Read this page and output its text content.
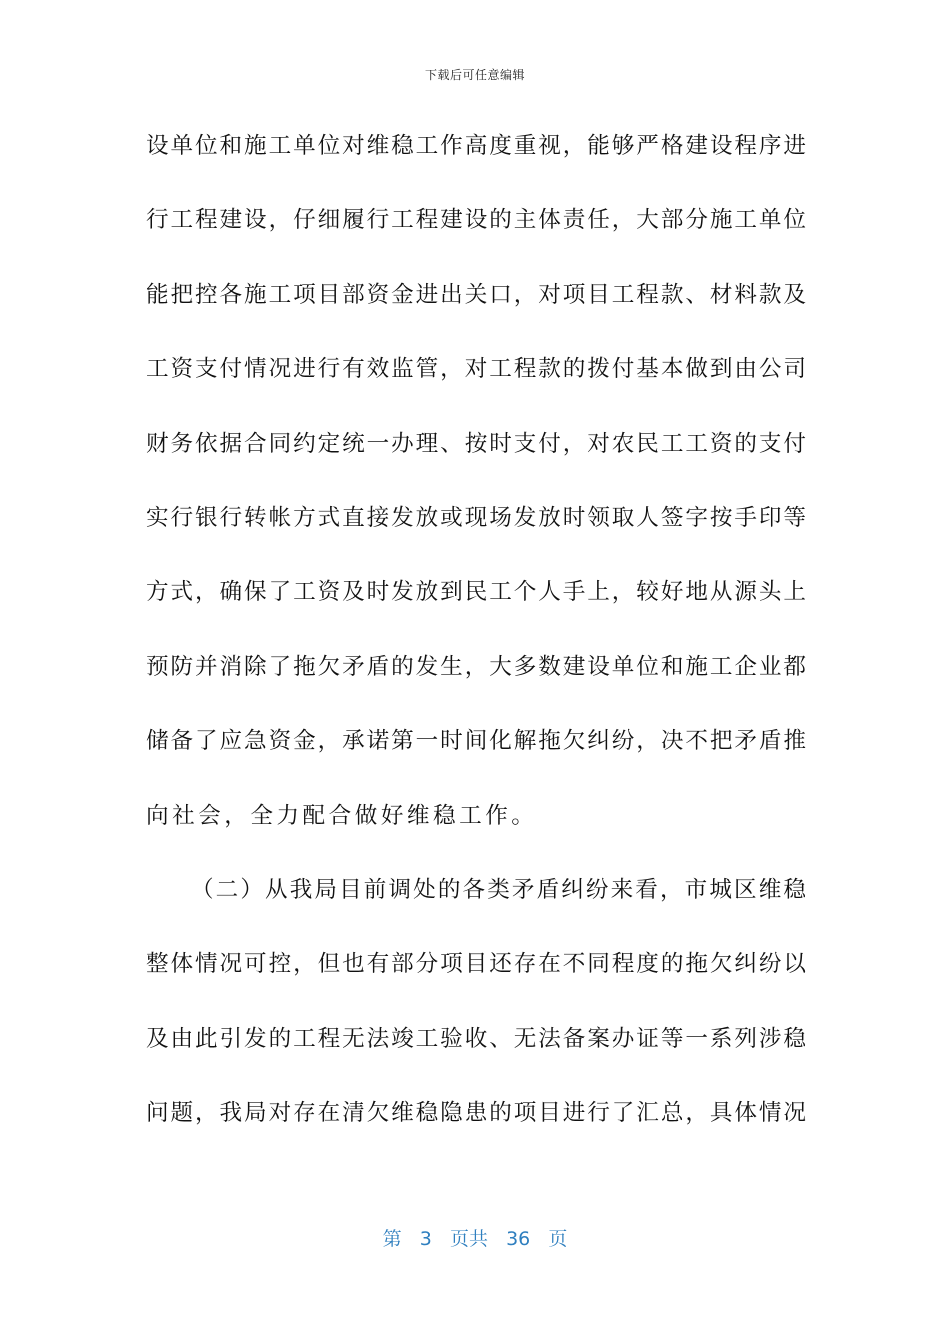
下载后可任意编辑
设单位和施工单位对维稳工作高度重视，能够严格建设程序进
行工程建设，仔细履行工程建设的主体责任，大部分施工单位
能把控各施工项目部资金进出关口，对项目工程款、材料款及
工资支付情况进行有效监管，对工程款的拨付基本做到由公司
财务依据合同约定统一办理、按时支付，对农民工工资的支付
实行银行转帐方式直接发放或现场发放时领取人签字按手印等
方式，确保了工资及时发放到民工个人手上，较好地从源头上
预防并消除了拖欠矛盾的发生，大多数建设单位和施工企业都
储备了应急资金，承诺第一时间化解拖欠纠纷，决不把矛盾推
向社会，全力配合做好维稳工作。
（二）从我局目前调处的各类矛盾纠纷来看，市城区维稳
整体情况可控，但也有部分项目还存在不同程度的拖欠纠纷以
及由此引发的工程无法竣工验收、无法备案办证等一系列涉稳
问题，我局对存在清欠维稳隐患的项目进行了汇总，具体情况
第 3 页共 36 页
